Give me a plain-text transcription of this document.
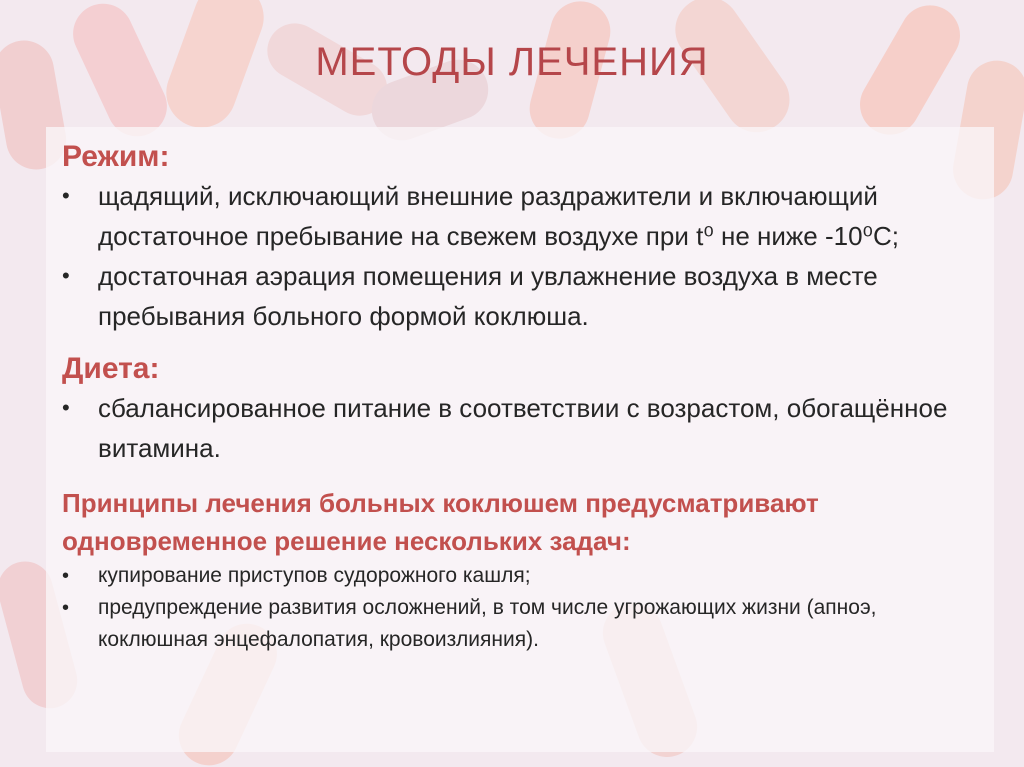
МЕТОДЫ ЛЕЧЕНИЯ
Режим:
• щадящий, исключающий внешние раздражители и включающий достаточное пребывание на свежем воздухе при t⁰ не ниже -10⁰С;
• достаточная аэрация помещения и увлажнение воздуха в месте пребывания больного формой коклюша.
Диета:
• сбалансированное питание в соответствии с возрастом, обогащённое витамина.
Принципы лечения больных коклюшем предусматривают одновременное решение нескольких задач:
• купирование приступов судорожного кашля;
• предупреждение развития осложнений, в том числе угрожающих жизни (апноэ, коклюшная энцефалопатия, кровоизлияния).
